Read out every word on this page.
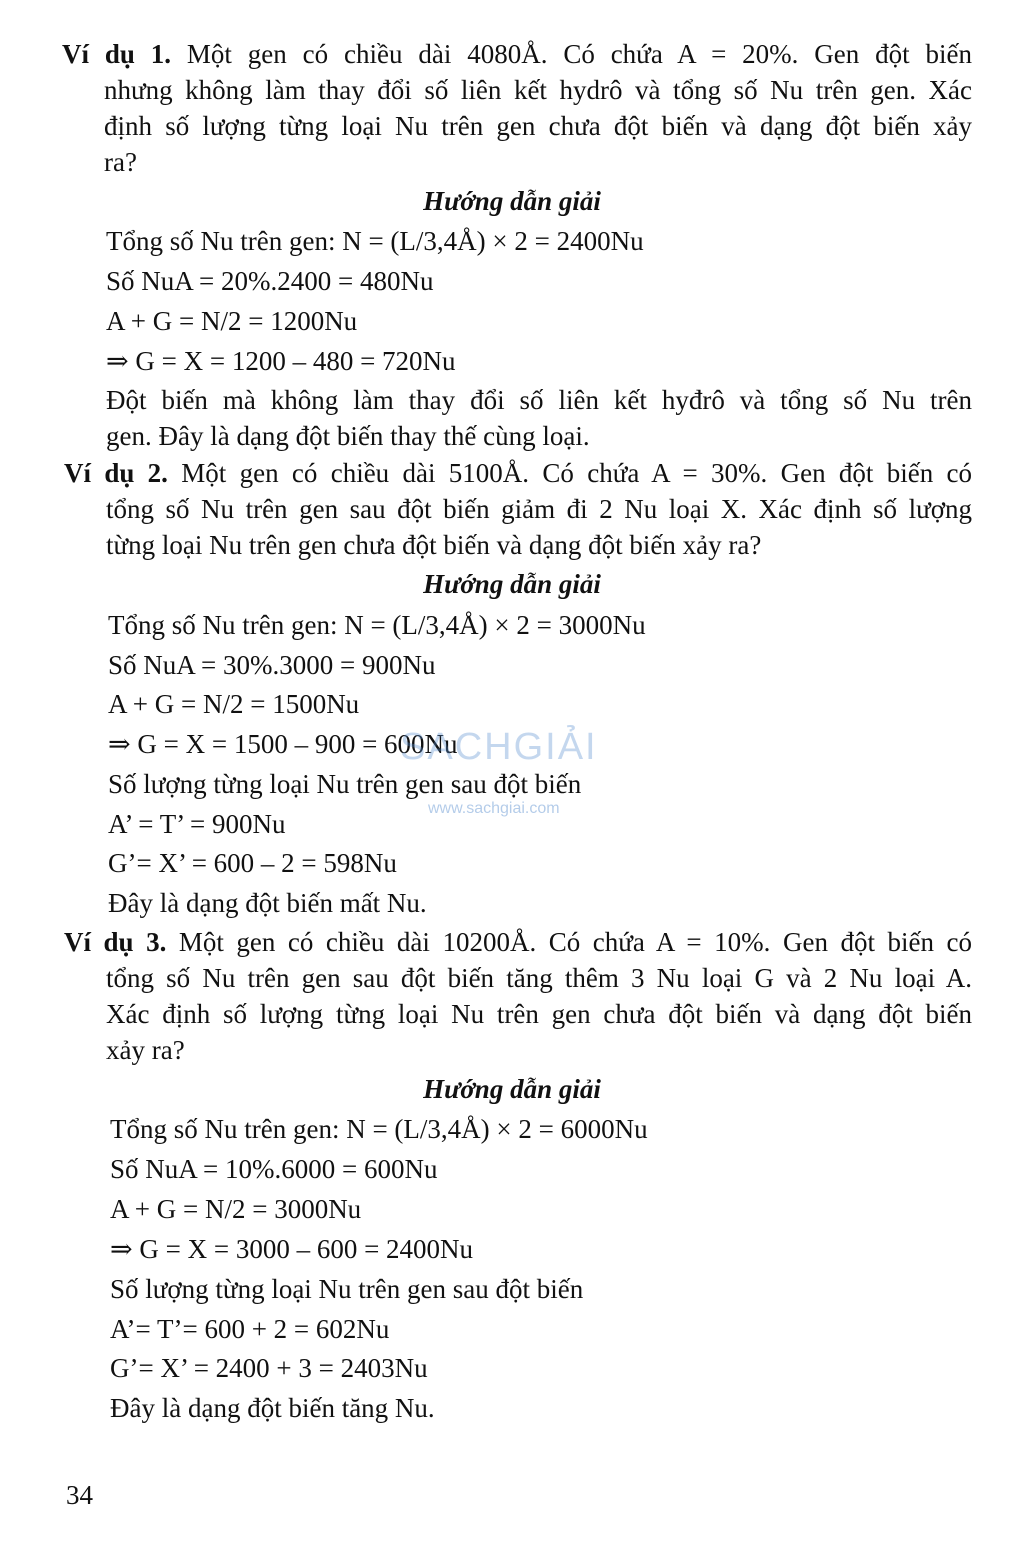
Ví dụ 1. Một gen có chiều dài 4080Å. Có chứa A = 20%. Gen đột biến
nhưng không làm thay đổi số liên kết hydrô và tổng số Nu trên gen. Xác
định số lượng từng loại Nu trên gen chưa đột biến và dạng đột biến xảy
ra?
Hướng dẫn giải
Tổng số Nu trên gen: N = (L/3,4Å) × 2 = 2400Nu
Số NuA = 20%.2400 = 480Nu
A + G = N/2 = 1200Nu
⇒ G = X = 1200 – 480 = 720Nu
Đột biến mà không làm thay đổi số liên kết hyđrô và tổng số Nu trên
gen. Đây là dạng đột biến thay thế cùng loại.
Ví dụ 2. Một gen có chiều dài 5100Å. Có chứa A = 30%. Gen đột biến có
tổng số Nu trên gen sau đột biến giảm đi 2 Nu loại X. Xác định số lượng
từng loại Nu trên gen chưa đột biến và dạng đột biến xảy ra?
Hướng dẫn giải
Tổng số Nu trên gen: N = (L/3,4Å) × 2 = 3000Nu
Số NuA = 30%.3000 = 900Nu
A + G = N/2 = 1500Nu
⇒ G = X = 1500 – 900 = 600Nu
Số lượng từng loại Nu trên gen sau đột biến
A’ = T’ = 900Nu
G’= X’ = 600 – 2 = 598Nu
Đây là dạng đột biến mất Nu.
Ví dụ 3. Một gen có chiều dài 10200Å. Có chứa A = 10%. Gen đột biến có
tổng số Nu trên gen sau đột biến tăng thêm 3 Nu loại G và 2 Nu loại A.
Xác định số lượng từng loại Nu trên gen chưa đột biến và dạng đột biến
xảy ra?
Hướng dẫn giải
Tổng số Nu trên gen: N = (L/3,4Å) × 2 = 6000Nu
Số NuA = 10%.6000 = 600Nu
A + G = N/2 = 3000Nu
⇒ G = X = 3000 – 600 = 2400Nu
Số lượng từng loại Nu trên gen sau đột biến
A’= T’= 600 + 2 = 602Nu
G’= X’ = 2400 + 3 = 2403Nu
Đây là dạng đột biến tăng Nu.
SACHGIẢI
www.sachgiai.com
34
